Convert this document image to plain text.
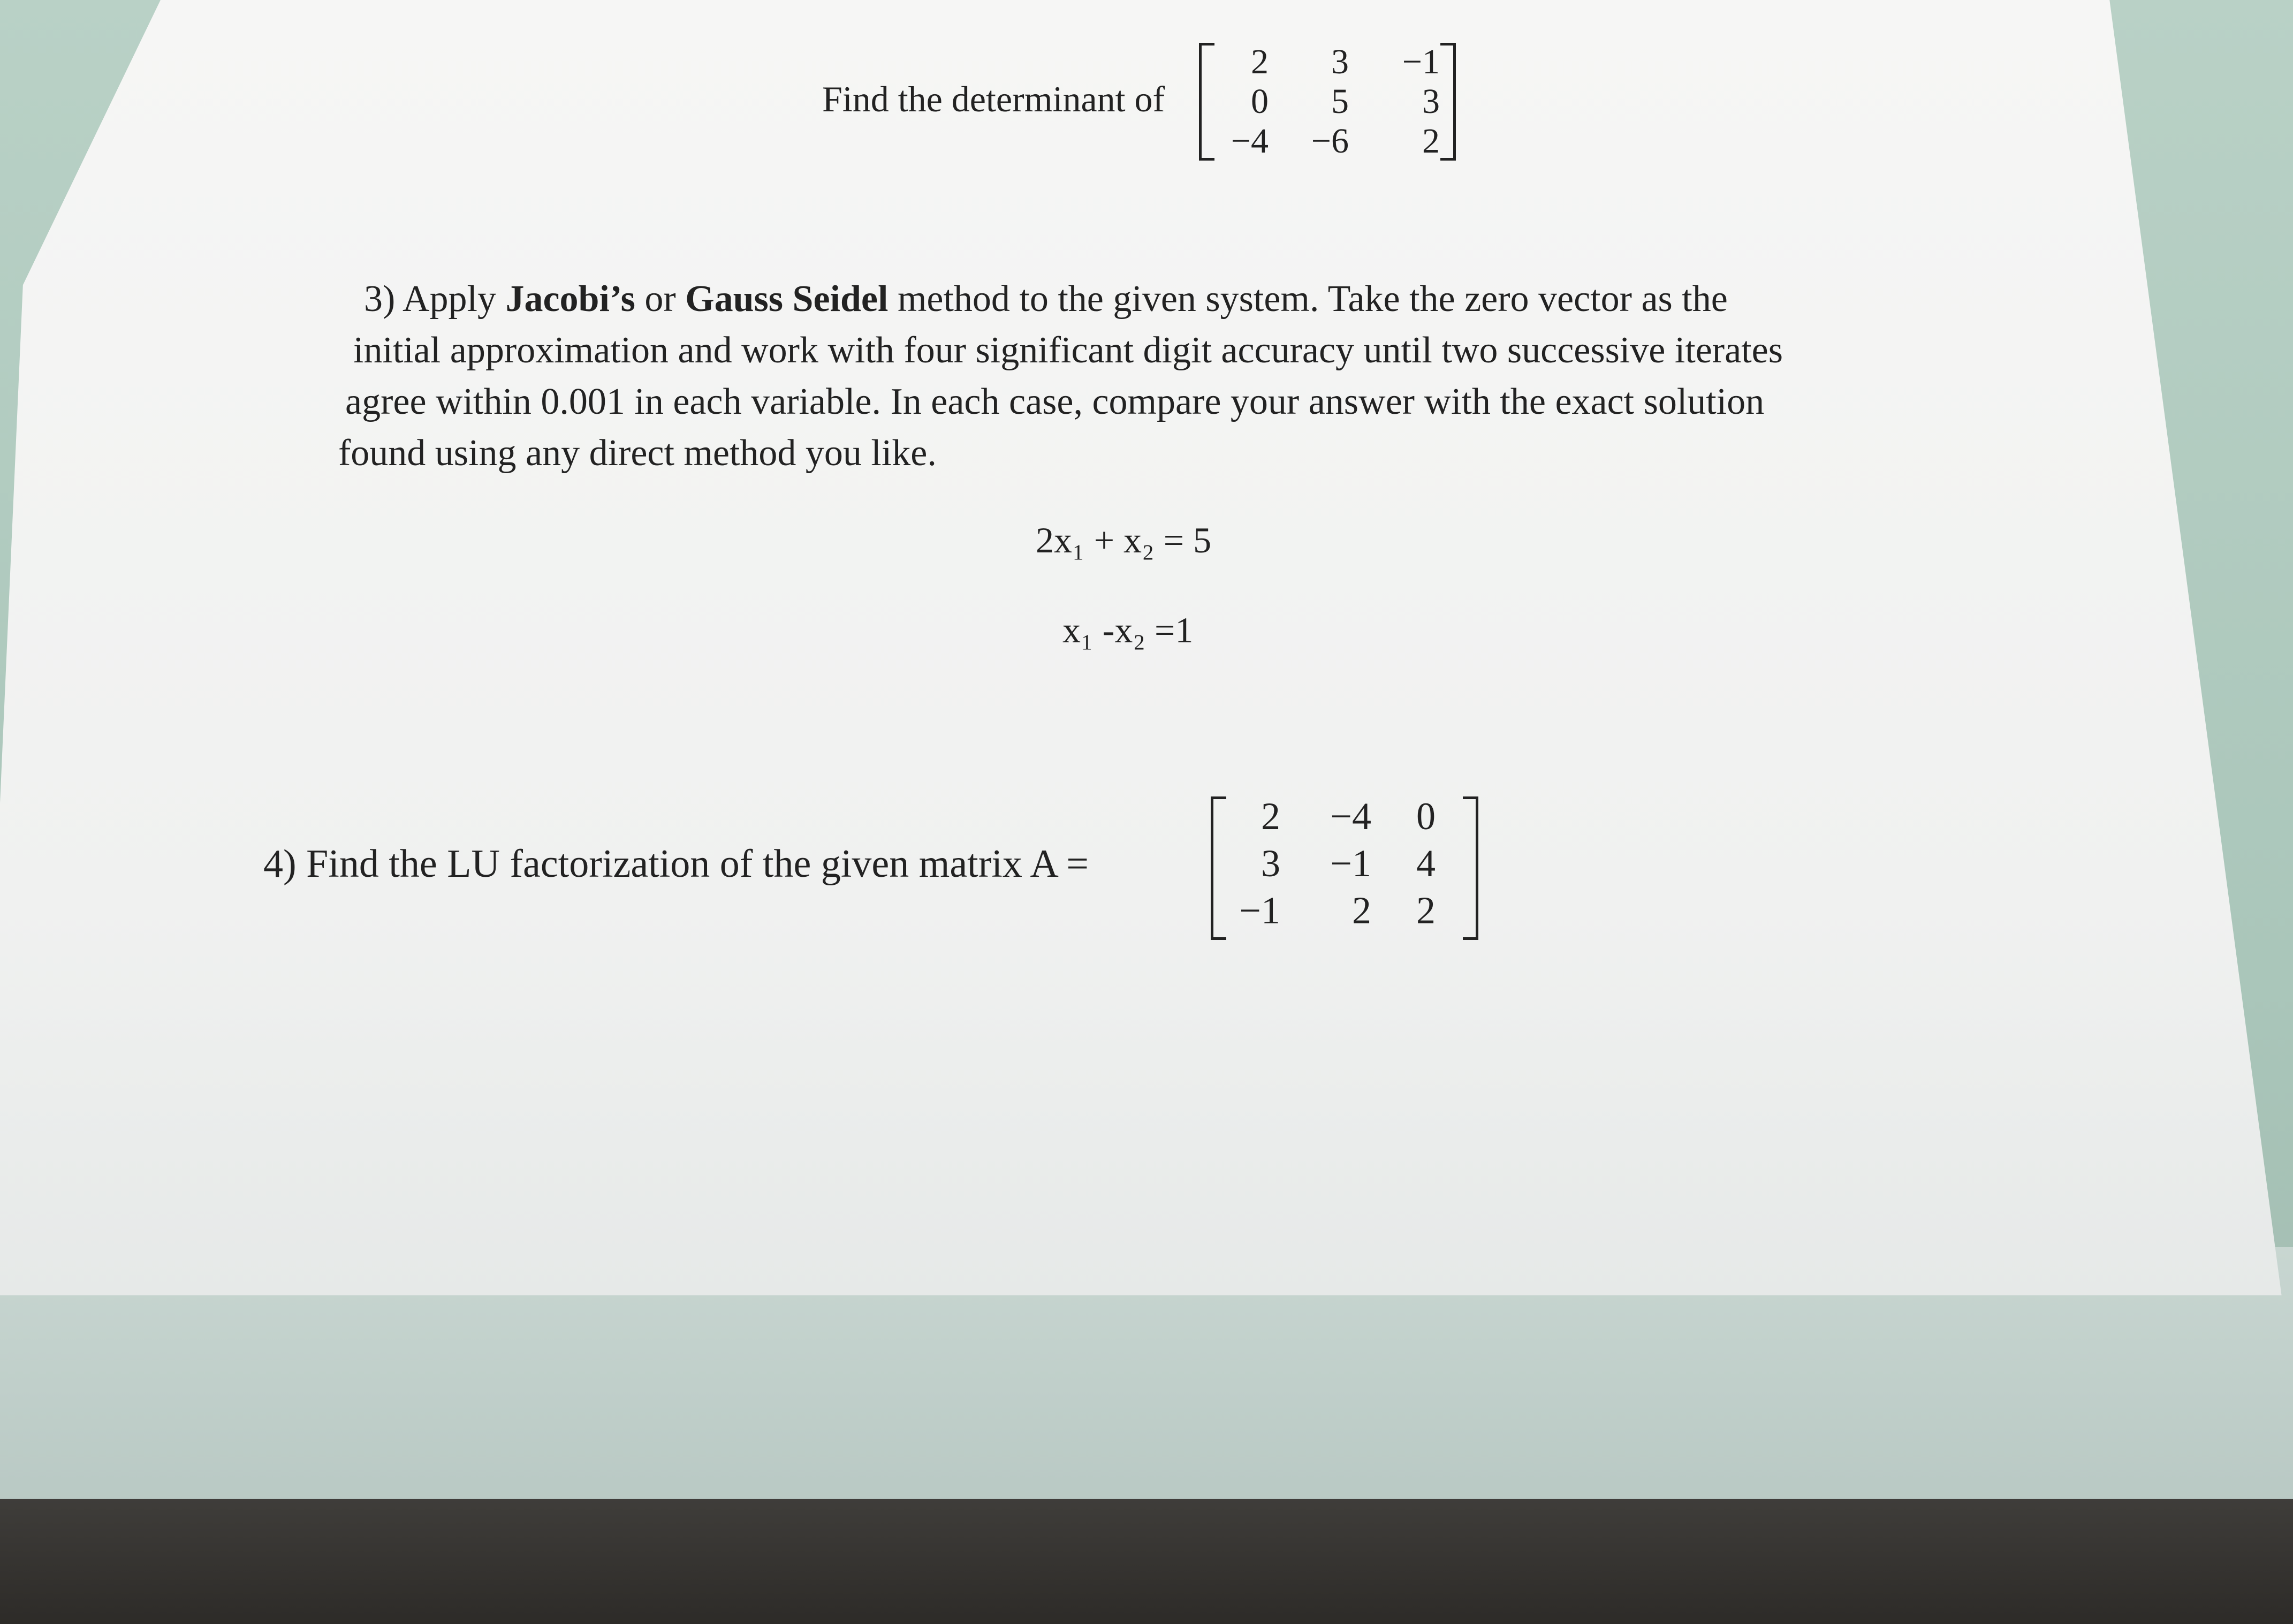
Find the determinant of
2	3	−1
0	5	3
−4	−6	2
3) Apply Jacobi’s or Gauss Seidel method to the given system. Take the zero vector as the
initial approximation and work with four significant digit accuracy until two successive iterates
agree within 0.001 in each variable. In each case, compare your answer with the exact solution
found using any direct method you like.
2x₁ + x₂ = 5
x₁ -x₂ =1
4) Find the LU factorization of the given matrix A =
2	−4	0
3	−1	4
−1	2	2
